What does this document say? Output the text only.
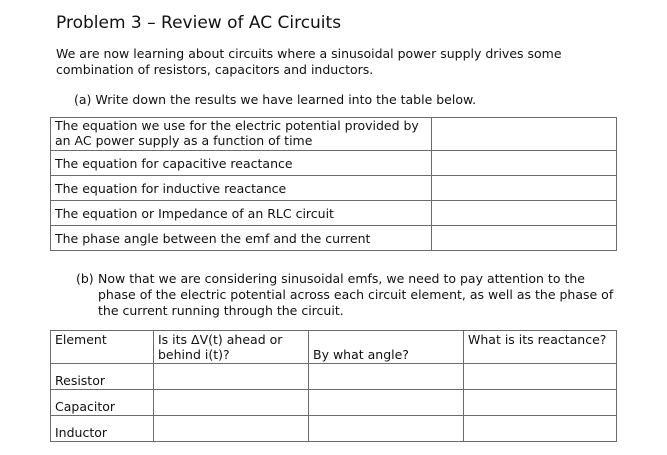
Problem 3 – Review of AC Circuits
We are now learning about circuits where a sinusoidal power supply drives some combination of resistors, capacitors and inductors.
(a) Write down the results we have learned into the table below.
The equation we use for the electric potential provided by an AC power supply as a function of time	
The equation for capacitive reactance	
The equation for inductive reactance	
The equation or Impedance of an RLC circuit	
The phase angle between the emf and the current	
(b) Now that we are considering sinusoidal emfs, we need to pay attention to the phase of the electric potential across each circuit element, as well as the phase of the current running through the circuit.
Element	Is its ΔV(t) ahead or behind i(t)?	By what angle?	What is its reactance?
Resistor			
Capacitor			
Inductor			
